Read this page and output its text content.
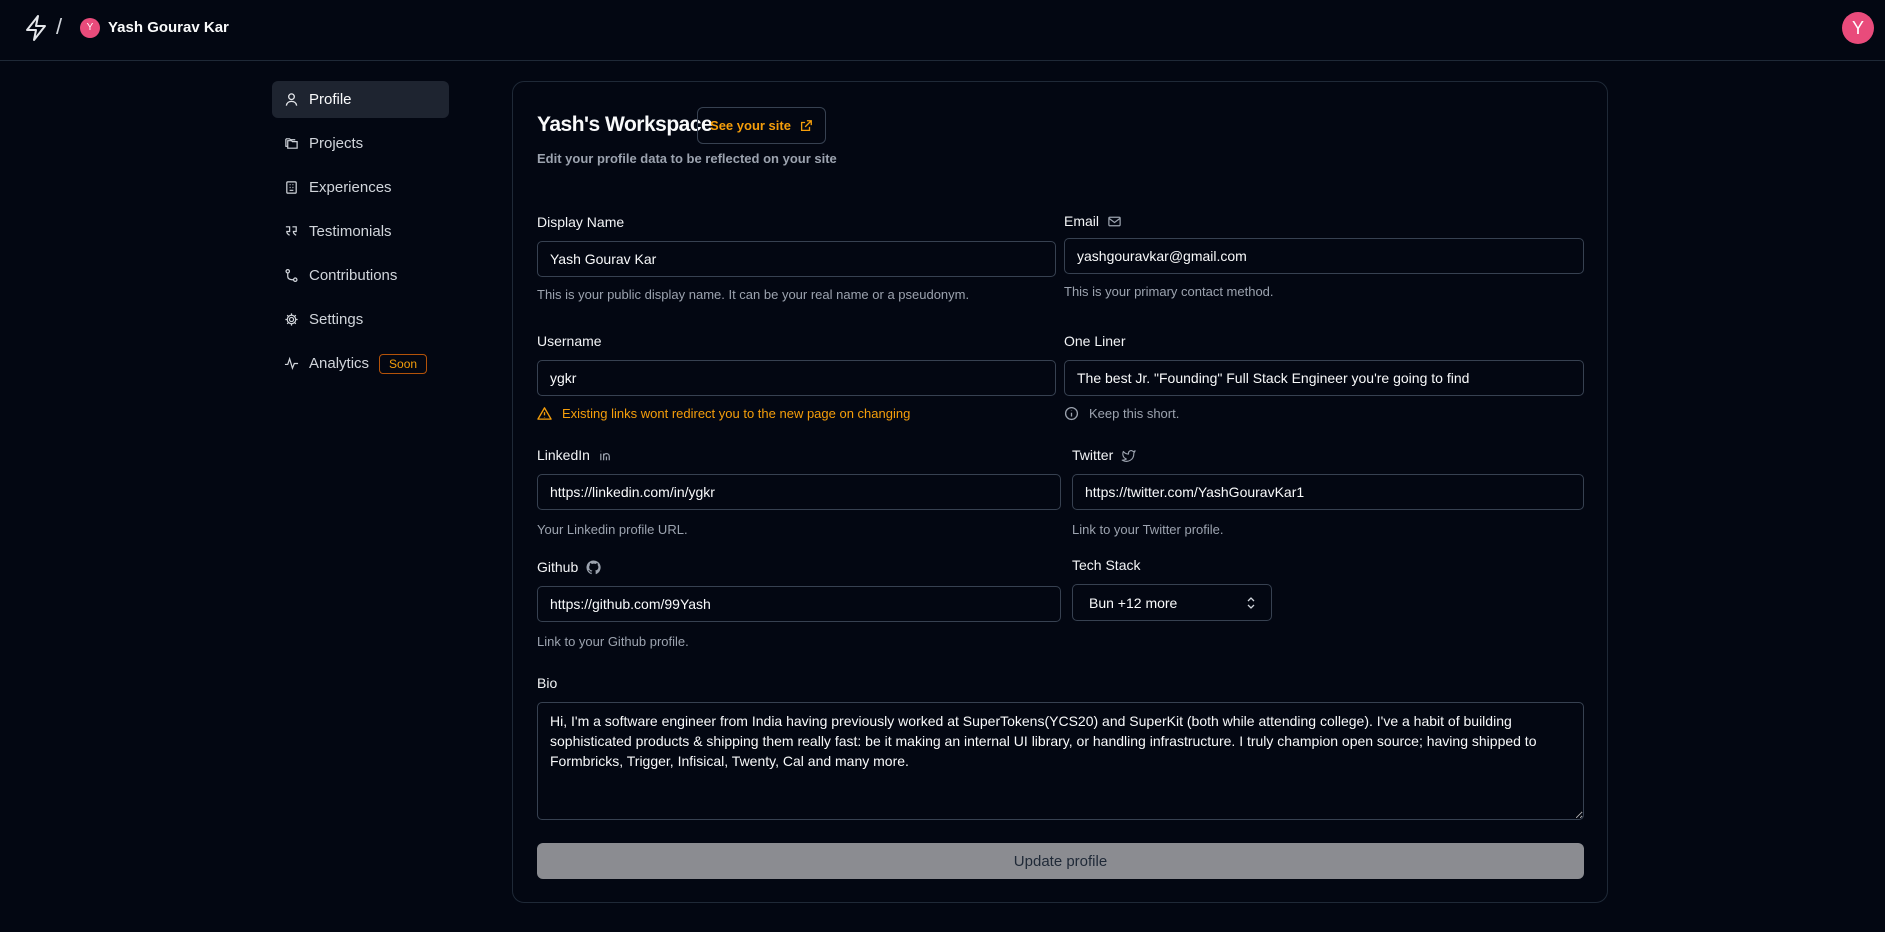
/	Y Yash Gourav Kar	Y
Profile
Projects
Experiences
Testimonials
Contributions
Settings
Analytics	Soon
Yash's Workspace
See your site

Edit your profile data to be reflected on your site

Display Name
Yash Gourav Kar
This is your public display name. It can be your real name or a pseudonym.
Email
yashgouravkar@gmail.com
This is your primary contact method.
Username
ygkr
Existing links wont redirect you to the new page on changing
One Liner
The best Jr. "Founding" Full Stack Engineer you're going to find
Keep this short.
LinkedIn
https://linkedin.com/in/ygkr
Your Linkedin profile URL.
Twitter
https://twitter.com/YashGouravKar1
Link to your Twitter profile.
Github
https://github.com/99Yash
Link to your Github profile.
Tech Stack
Bun +12 more
Bio
Hi, I'm a software engineer from India having previously worked at SuperTokens(YCS20) and SuperKit (both while attending college). I've a habit of building sophisticated products & shipping them really fast: be it making an internal UI library, or handling infrastructure. I truly champion open source; having shipped to Formbricks, Trigger, Infisical, Twenty, Cal and many more.
Update profile
